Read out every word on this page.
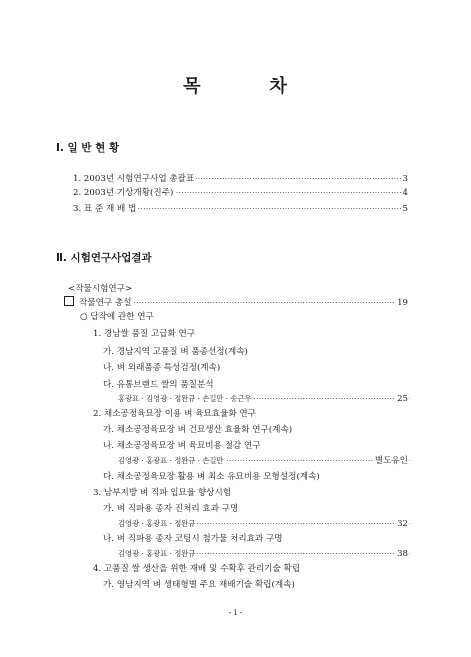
목	차
Ⅰ. 일 반 현 황
·····
1. 2003년 시험연구사업 총괄표	3
·····
2. 2003년 기상개황(진주)	4
·····
3. 표 준 재 배 법	5
Ⅱ. 시험연구사업결과
<작물시험연구>
·····
작물연구 총설	19
○ 답작에 관한 연구
1. 경남쌀 품질 고급화 연구
가. 경남지역 고품질 벼 품종선정(계속)
나. 벼 외래품종 특성검정(계속)
다. 유통브랜드 쌀의 품질분석
·····
홍광표 · 김영광 · 정완규 · 손길만 · 송근우	25
2. 채소공정육묘장 이용 벼 육묘효율화 연구
가. 채소공정육묘장 벼 건묘생산 효율화 연구(계속)
나. 채소공정육묘장 벼 육묘비용 절감 연구
·····
김영광 · 홍광표 · 정완규 · 손길만	별도유인
다. 채소공정육묘장 활용 벼 최소 유묘비용 모형설정(계속)
3. 남부지방 벼 직파 입묘율 향상시험
가. 벼 직파용 종자 진처리 효과 구명
·····
김영광 · 홍광표 · 정완규	32
나. 벼 직파용 종자 코팅시 첨가물 처리효과 구명
·····
김영광 · 홍광표 · 정완규	38
4. 고품질 쌀 생산을 위한 재배 및 수확후 관리기술 확립
가. 영남지역 벼 생태형별 주요 재배기술 확립(계속)
- i -
